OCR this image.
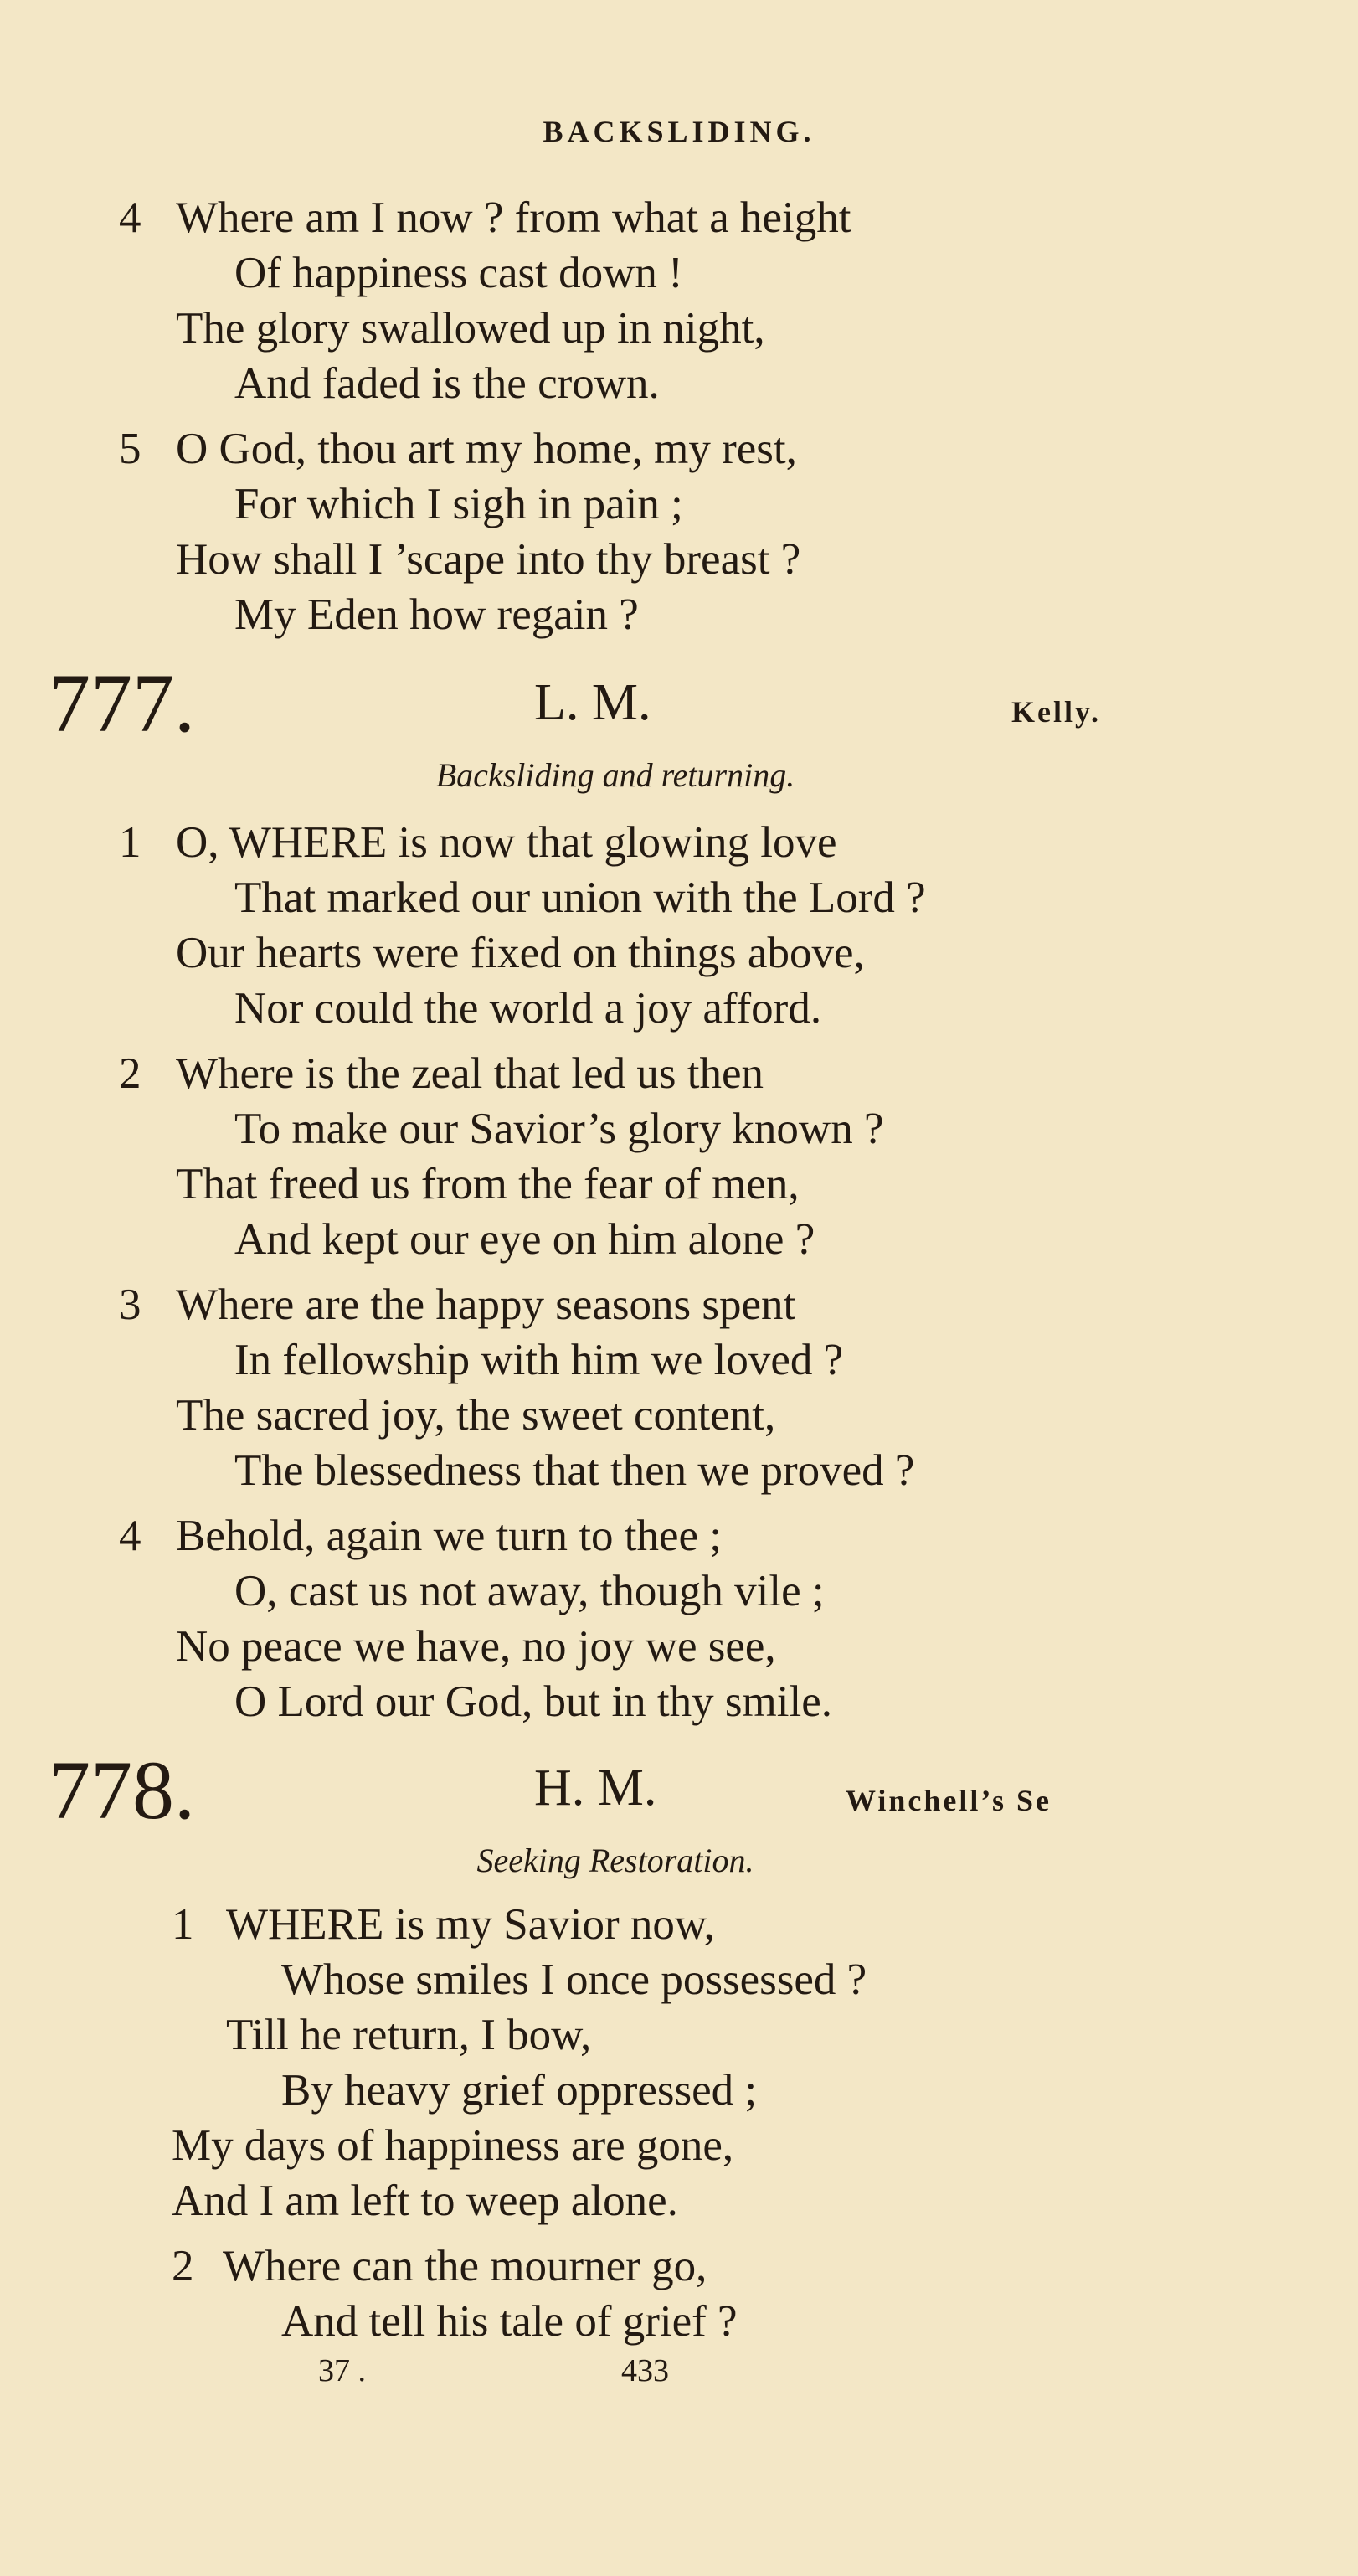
BACKSLIDING.
4 Where am I now ? from what a height
Of happiness cast down !
The glory swallowed up in night,
And faded is the crown.
5 O God, thou art my home, my rest,
For which I sigh in pain ;
How shall I ’scape into thy breast ?
My Eden how regain ?
777.	L. M.	Kelly.
Backsliding and returning.
1 O, WHERE is now that glowing love
That marked our union with the Lord ?
Our hearts were fixed on things above,
Nor could the world a joy afford.
2 Where is the zeal that led us then
To make our Savior’s glory known ?
That freed us from the fear of men,
And kept our eye on him alone ?
3 Where are the happy seasons spent
In fellowship with him we loved ?
The sacred joy, the sweet content,
The blessedness that then we proved ?
4 Behold, again we turn to thee ;
O, cast us not away, though vile ;
No peace we have, no joy we see,
O Lord our God, but in thy smile.
778.	H. M.	Winchell’s Se
Seeking Restoration.
1 WHERE is my Savior now,
Whose smiles I once possessed ?
Till he return, I bow,
By heavy grief oppressed ;
My days of happiness are gone,
And I am left to weep alone.
2 Where can the mourner go,
And tell his tale of grief ?
37 .	433
